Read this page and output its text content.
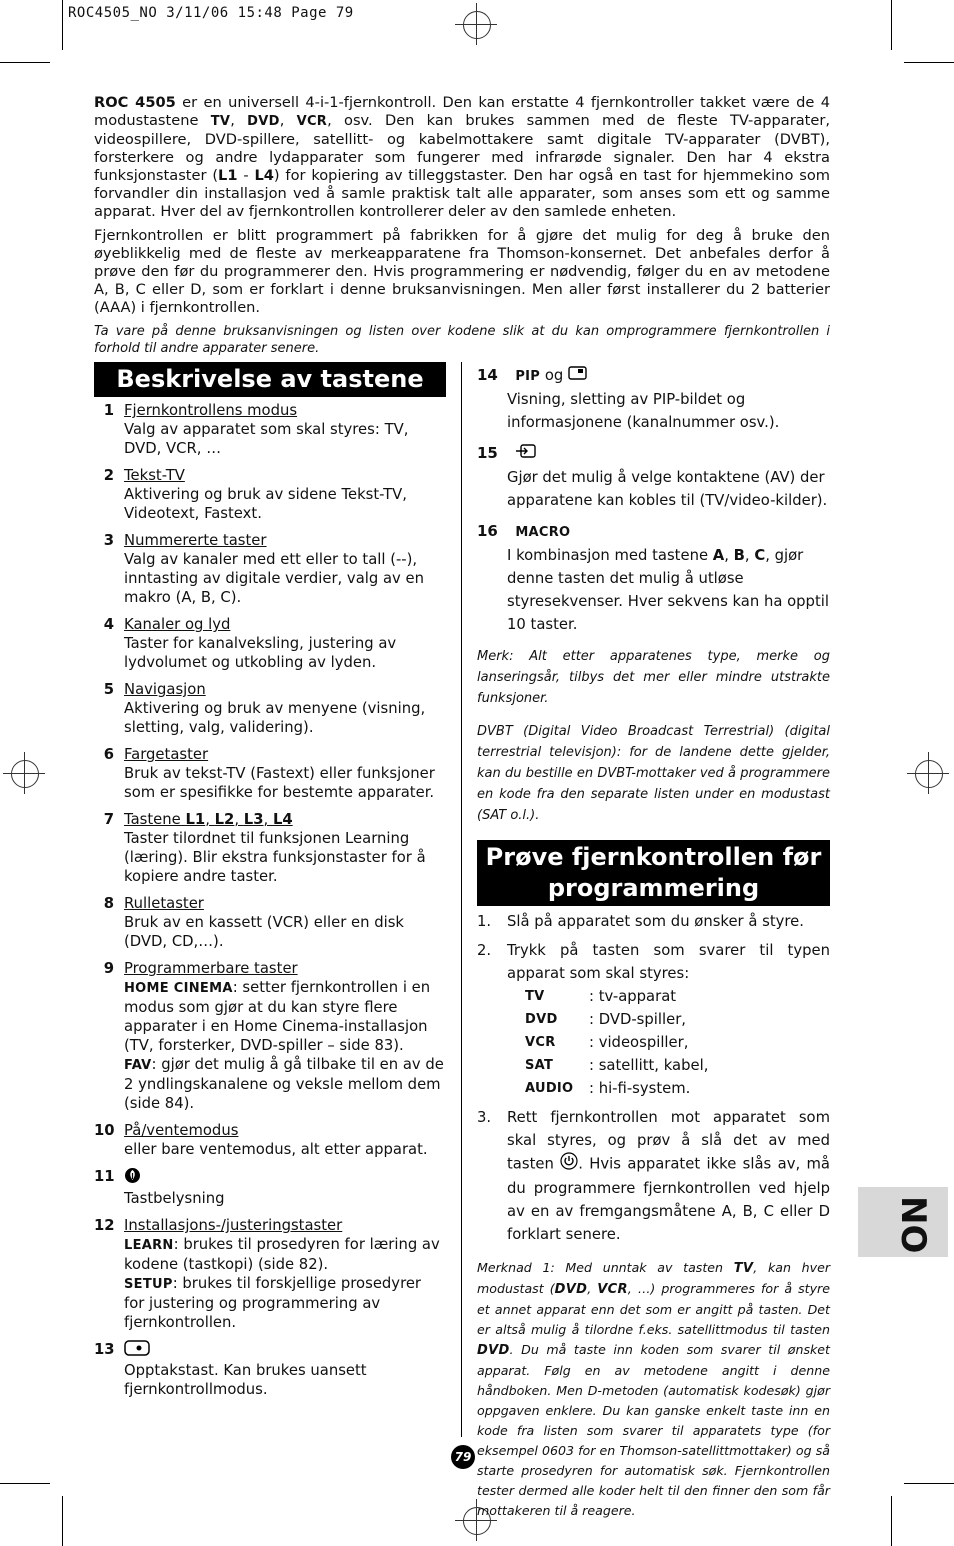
ROC4505_NO 3/11/06 15:48 Page 79

ROC 4505 er en universell 4-i-1-fjernkontroll. Den kan erstatte 4 fjernkontroller takket være de 4 modustastene TV, DVD, VCR, osv. Den kan brukes sammen med de fleste TV-apparater, videospillere, DVD-spillere, satellitt- og kabelmottakere samt digitale TV-apparater (DVBT), forsterkere og andre lydapparater som fungerer med infrarøde signaler. Den har 4 ekstra funksjonstaster (L1 - L4) for kopiering av tilleggstaster. Den har også en tast for hjemmekino som forvandler din installasjon ved å samle praktisk talt alle apparater, som anses som ett og samme apparat. Hver del av fjernkontrollen kontrollerer deler av den samlede enheten.

Fjernkontrollen er blitt programmert på fabrikken for å gjøre det mulig for deg å bruke den øyeblikkelig med de fleste av merkeapparatene fra Thomson-konsernet. Det anbefales derfor å prøve den før du programmerer den. Hvis programmering er nødvendig, følger du en av metodene A, B, C eller D, som er forklart i denne bruksanvisningen. Men aller først installerer du 2 batterier (AAA) i fjernkontrollen.

Ta vare på denne bruksanvisningen og listen over kodene slik at du kan omprogrammere fjernkontrollen i forhold til andre apparater senere.

Beskrivelse av tastene
1 Fjernkontrollens modus
Valg av apparatet som skal styres: TV, DVD, VCR, …
2 Tekst-TV
Aktivering og bruk av sidene Tekst-TV, Videotext, Fastext.
3 Nummererte taster
Valg av kanaler med ett eller to tall (--), inntasting av digitale verdier, valg av en makro (A, B, C).
4 Kanaler og lyd
Taster for kanalveksling, justering av lydvolumet og utkobling av lyden.
5 Navigasjon
Aktivering og bruk av menyene (visning, sletting, valg, validering).
6 Fargetaster
Bruk av tekst-TV (Fastext) eller funksjoner som er spesifikke for bestemte apparater.
7 Tastene L1, L2, L3, L4
Taster tilordnet til funksjonen Learning (læring). Blir ekstra funksjonstaster for å kopiere andre taster.
8 Rulletaster
Bruk av en kassett (VCR) eller en disk (DVD, CD,…).
9 Programmerbare taster
HOME CINEMA: setter fjernkontrollen i en modus som gjør at du kan styre flere apparater i en Home Cinema-installasjon (TV, forsterker, DVD-spiller – side 83).
FAV: gjør det mulig å gå tilbake til en av de 2 yndlingskanalene og veksle mellom dem (side 84).
10 På/ventemodus
eller bare ventemodus, alt etter apparat.
11
Tastbelysning
12 Installasjons-/justeringstaster
LEARN: brukes til prosedyren for læring av kodene (tastkopi) (side 82).
SETUP: brukes til forskjellige prosedyrer for justering og programmering av fjernkontrollen.
13
Opptakstast. Kan brukes uansett fjernkontrollmodus.
14 PIP og
Visning, sletting av PIP-bildet og informasjonene (kanalnummer osv.).
15
Gjør det mulig å velge kontaktene (AV) der apparatene kan kobles til (TV/video-kilder).
16 MACRO
I kombinasjon med tastene A, B, C, gjør denne tasten det mulig å utløse styresekvenser. Hver sekvens kan ha opptil 10 taster.
Merk: Alt etter apparatenes type, merke og lanseringsår, tilbys det mer eller mindre utstrakte funksjoner.
DVBT (Digital Video Broadcast Terrestrial) (digital terrestrial televisjon): for de landene dette gjelder, kan du bestille en DVBT-mottaker ved å programmere en kode fra den separate listen under en modustast (SAT o.l.).
Prøve fjernkontrollen før programmering
1. Slå på apparatet som du ønsker å styre.
2. Trykk på tasten som svarer til typen apparat som skal styres:
TV	: tv-apparat
DVD	: DVD-spiller,
VCR	: videospiller,
SAT	: satellitt, kabel,
AUDIO	: hi-fi-system.
3. Rett fjernkontrollen mot apparatet som skal styres, og prøv å slå det av med tasten . Hvis apparatet ikke slås av, må du programmere fjernkontrollen ved hjelp av en av fremgangsmåtene A, B, C eller D forklart senere.
Merknad 1: Med unntak av tasten TV, kan hver modustast (DVD, VCR, …) programmeres for å styre et annet apparat enn det som er angitt på tasten. Det er altså mulig å tilordne f.eks. satellittmodus til tasten DVD. Du må taste inn koden som svarer til ønsket apparat. Følg en av metodene angitt i denne håndboken. Men D-metoden (automatisk kodesøk) gjør oppgaven enklere. Du kan ganske enkelt taste inn en kode fra listen som svarer til apparatets type (for eksempel 0603 for en Thomson-satellittmottaker) og så starte prosedyren for automatisk søk. Fjernkontrollen tester dermed alle koder helt til den finner den som får mottakeren til å reagere.
NO
79
